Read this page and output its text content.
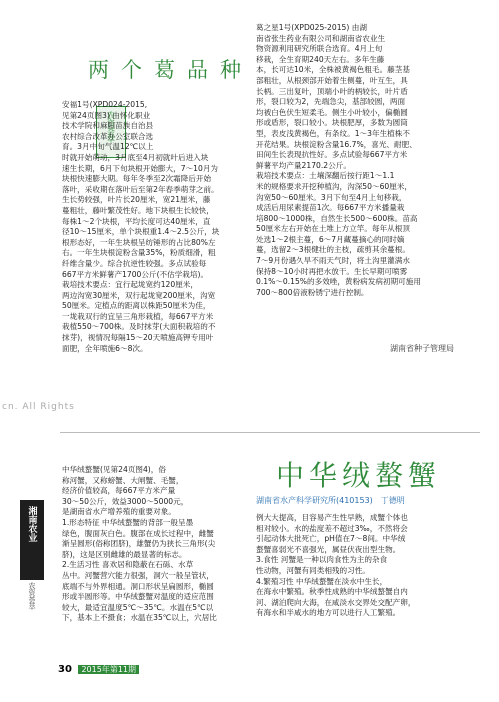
两个葛品种
农资荟萃
cn. All Rights
安福1号(XPD024-2015,
见第24页图3) 由怀化职业
技术学院和麻阳苗族自治县
农村综合改革办公室联合选
育。3月中旬气温12℃以上
时就开始萌动，3月底至4月初就叶后进入块
速生长期，6月下旬块根开始膨大，7～10月为
块根快速膨大期。每年冬季至2次霜降后开始
落叶，采收期在落叶后至第2年春季萌芽之前。
生长势较强，叶片长20厘米，宽21厘米，藤
蔓粗壮，藤叶繁茂性好。地下块根生长较快，
每株1～2个块根，平均长度可达40厘米，直
径10～15厘米，单个块根重1.4～2.5公斤，块
根形态好，一年生块根呈纺锤形的占比80%左
右。一年生块根淀粉含量35%，粉质细滑，粗
纤维含量少。综合抗逆性较强。多点试验每
667平方米鲜薯产1700公斤(不估学栽培)。
栽培技术要点：宜行起垅宽约120厘米，
两边沟宽30厘米，双行起垅宽200厘米，沟宽
50厘米。定植点的距离以株距50厘米为佳，
一垅栽双行的宜呈三角形栽植，每667平方米
栽植550～700株。及时抹芽(大面积栽培的不
抹芽)，视情况每隔15～20天喷施高钾专用叶
面肥，全年喷施6～8次。
葛之星1号(XPD025-2015) 由湖
南省张生药业有限公司和湖南省农业生
物资源利用研究所联合选育。4月上旬
移栽，全生育期240天左右。多年生藤
本，长可达10米，全株被黄褐色粗毛。藤茎基
部粗壮，从根颈部开始着生侧蔓，叶互生，具
长柄。三出复叶，顶端小叶的柄较长，叶片盾
形，裂口较为2，先端急尖，基部较圆，两面
均被白色伏生短柔毛。侧生小叶较小，偏椭圆
形或盾形，裂口较小。块根肥厚，多数为圆筒
型，表皮浅黄褐色，有条纹。1～3年生植株不
开花结果。块根淀粉含量16.7%，喜光、耐肥、
田间生长表现抗性好。多点试验每667平方米
鲜薯平均产量2170.2公斤。
栽培技术要点：土壤深翻后按行距1～1.1
米的规格要求开挖种植沟，沟深50～60厘米，
沟宽50～60厘米。3月下旬至4月上旬移栽，
成活后用尿素提苗1次。每667平方米播量栽
培800～1000株，自然生长500～600株。苗高
50厘米左右开始在土堆上方立竿。每年从根顶
处选1～2根主蔓，6～7月藏蔓摘心的同时嫡
蔓，选留2～3根健壮的主枝，疏剪其余蔓根。
7～9月份遇久旱不雨天气时，将土沟里灌满水
保持8～10小时再把水放干。生长早期可喷雾
0.1%～0.15%的多效唑，黄粉病发病初期可施用
700～800倍液粉锈宁进行控制。
湖南省种子管理局
中华绒螯蟹
湖南省水产科学研究所(410153)　丁德明
湘南农业
农资荟萃
中华绒螯蟹(见第24页图4)，俗
称河蟹，又称螃蟹、大闸蟹、毛蟹，
经济价值较高，每667平方米产量
30～50公斤，效益3000～5000元，
是湖南省水产增养殖的重要对象。
1.形态特征 中华绒螯蟹的背部一般呈墨
绿色，腹面灰白色。腹部在成长过程中，雌蟹
渐呈圆形(俗称团脐)，雄蟹仍为狭长三角形(尖
脐)，这是区别雌雄的最显著的标志。
2.生活习性 喜欢居和隐蔽在石砾、水草
丛中。河蟹营穴能力很强，洞穴一般呈管状，
底端不与外界相通。洞口形状呈扁圆形，椭圆
形或半圆形等。中华绒螯蟹对温度的适应范围
较大，最适宜温度5℃～35℃。水温在5℃以
下，基本上不摄食；水温在35℃以上，穴居比
例大大提高，目容易产生性早熟，成蟹个体也
相对较小。水的盐度差不超过3‰，不然将会
引起动体大批死亡，pH值在7～8间。中华绒
螯蟹喜弱光不喜强光，属昼伏夜出型生物。
3.食性 河蟹是一种以肉食性为主的杂食
性动物，河蟹有同类相残的习性。
4.繁殖习性 中华绒螯蟹在淡水中生长，
在海水中繁殖。秋季性成熟的中华绒螯蟹自内
河、湖泊爬向大海，在咸淡水交界处交配产卵，
有海水和半咸水的地方可以进行人工繁殖。
30 2015年第11期
